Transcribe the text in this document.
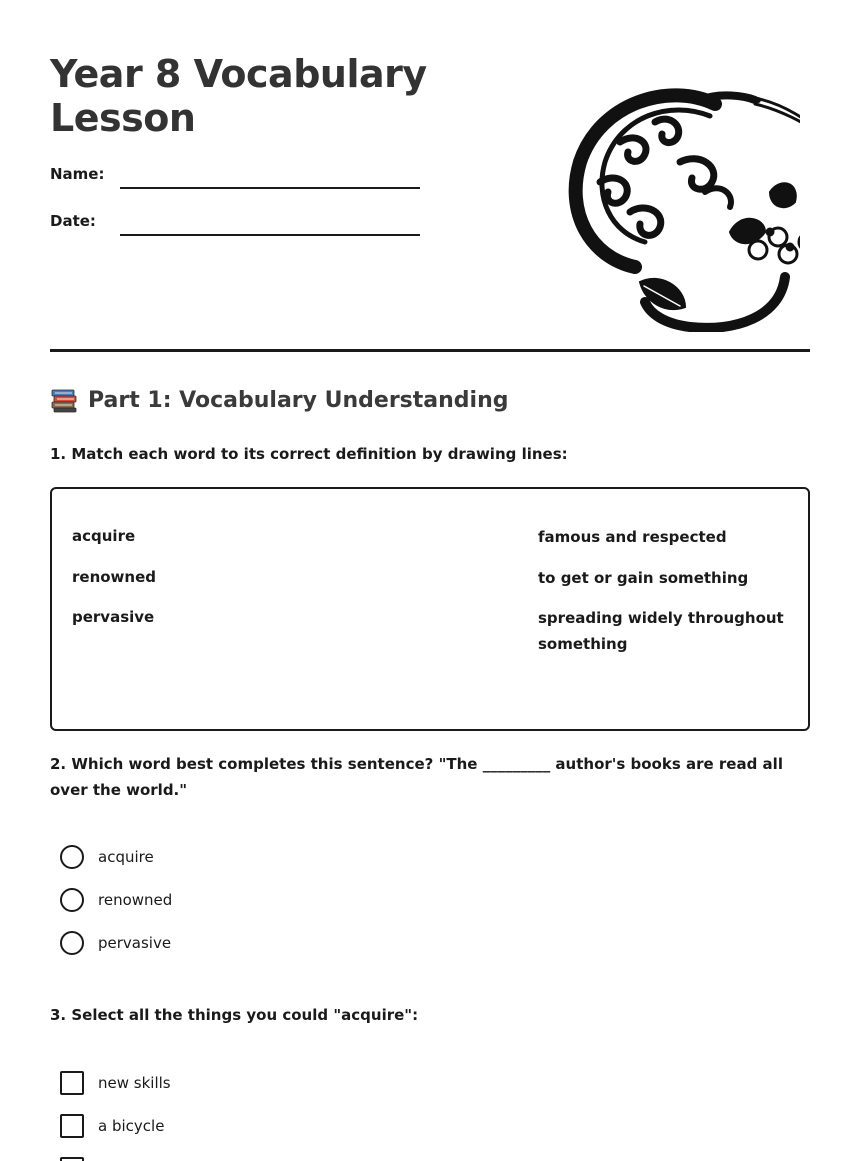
Year 8 Vocabulary Lesson
Name:
Date:
Part 1: Vocabulary Understanding

1. Match each word to its correct definition by drawing lines:

acquire
renowned
pervasive
famous and respected
to get or gain something
spreading widely throughout something

2. Which word best completes this sentence? "The _________ author's books are read all over the world."

acquire
renowned
pervasive

3. Select all the things you could "acquire":

new skills
a bicycle
